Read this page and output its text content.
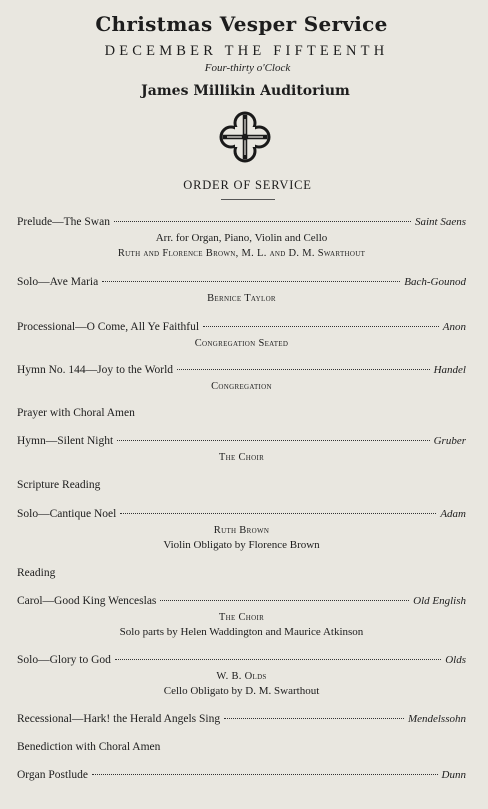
Christmas Vesper Service
DECEMBER THE FIFTEENTH
Four-thirty o'Clock
James Millikin Auditorium
ORDER OF SERVICE
Prelude—The Swan	Saint Saens
Arr. for Organ, Piano, Violin and Cello
Ruth and Florence Brown, M. L. and D. M. Swarthout
Solo—Ave Maria	Bach-Gounod
Bernice Taylor
Processional—O Come, All Ye Faithful	Anon
Congregation Seated
Hymn No. 144—Joy to the World	Handel
Congregation
Prayer with Choral Amen
Hymn—Silent Night	Gruber
The Choir
Scripture Reading
Solo—Cantique Noel	Adam
Ruth Brown
Violin Obligato by Florence Brown
Reading
Carol—Good King Wenceslas	Old English
The Choir
Solo parts by Helen Waddington and Maurice Atkinson
Solo—Glory to God	Olds
W. B. Olds
Cello Obligato by D. M. Swarthout
Recessional—Hark! the Herald Angels Sing	Mendelssohn
Benediction with Choral Amen
Organ Postlude	Dunn
